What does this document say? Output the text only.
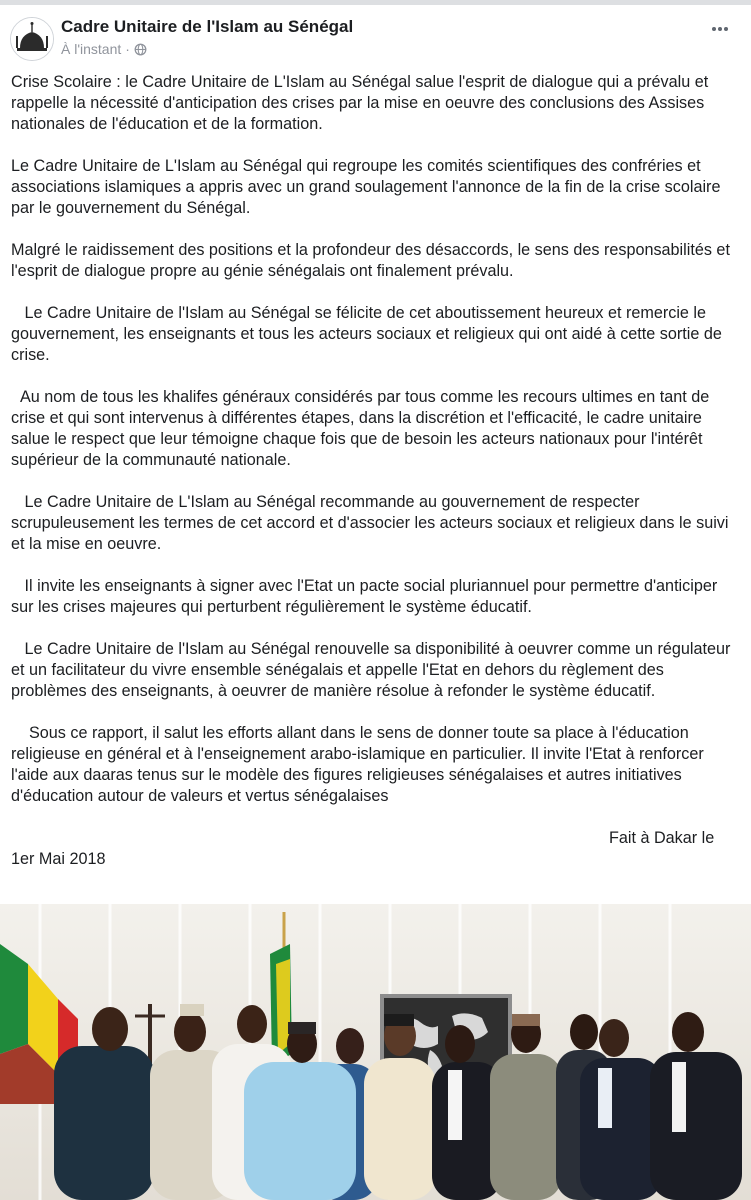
Cadre Unitaire de l'Islam au Sénégal
À l'instant ·

Crise Scolaire : le Cadre Unitaire de L'Islam au Sénégal salue l'esprit de dialogue qui a prévalu et rappelle la nécessité d'anticipation des crises par la mise en oeuvre des conclusions des Assises nationales de l'éducation et de la formation.

Le Cadre Unitaire de L'Islam au Sénégal qui regroupe les comités scientifiques des confréries et associations islamiques a appris avec un grand soulagement l'annonce de la fin de la crise scolaire par le gouvernement du Sénégal.

Malgré le raidissement des positions et la profondeur des désaccords, le sens des responsabilités et l'esprit de dialogue propre au génie sénégalais ont finalement prévalu.

Le Cadre Unitaire de l'Islam au Sénégal se félicite de cet aboutissement heureux et remercie le gouvernement, les enseignants et tous les acteurs sociaux et religieux qui ont aidé à cette sortie de crise.

Au nom de tous les khalifes généraux considérés par tous comme les recours ultimes en tant de crise et qui sont intervenus à différentes étapes, dans la discrétion et l'efficacité, le cadre unitaire salue le respect que leur témoigne chaque fois que de besoin les acteurs nationaux pour l'intérêt supérieur de la communauté nationale.

Le Cadre Unitaire de L'Islam au Sénégal recommande au gouvernement de respecter scrupuleusement les termes de cet accord et d'associer les acteurs sociaux et religieux dans le suivi et la mise en oeuvre.

Il invite les enseignants à signer avec l'Etat un pacte social pluriannuel pour permettre d'anticiper sur les crises majeures qui perturbent régulièrement le système éducatif.

Le Cadre Unitaire de l'Islam au Sénégal renouvelle sa disponibilité à oeuvrer comme un régulateur et un facilitateur du vivre ensemble sénégalais et appelle l'Etat en dehors du règlement des problèmes des enseignants, à oeuvrer de manière résolue à refonder le système éducatif.

Sous ce rapport, il salut les efforts allant dans le sens de donner toute sa place à l'éducation religieuse en général et à l'enseignement arabo-islamique en particulier. Il invite l'Etat à renforcer l'aide aux daaras tenus sur le modèle des figures religieuses sénégalaises et autres initiatives d'éducation autour de valeurs et vertus sénégalaises

Fait à Dakar le
1er Mai 2018
